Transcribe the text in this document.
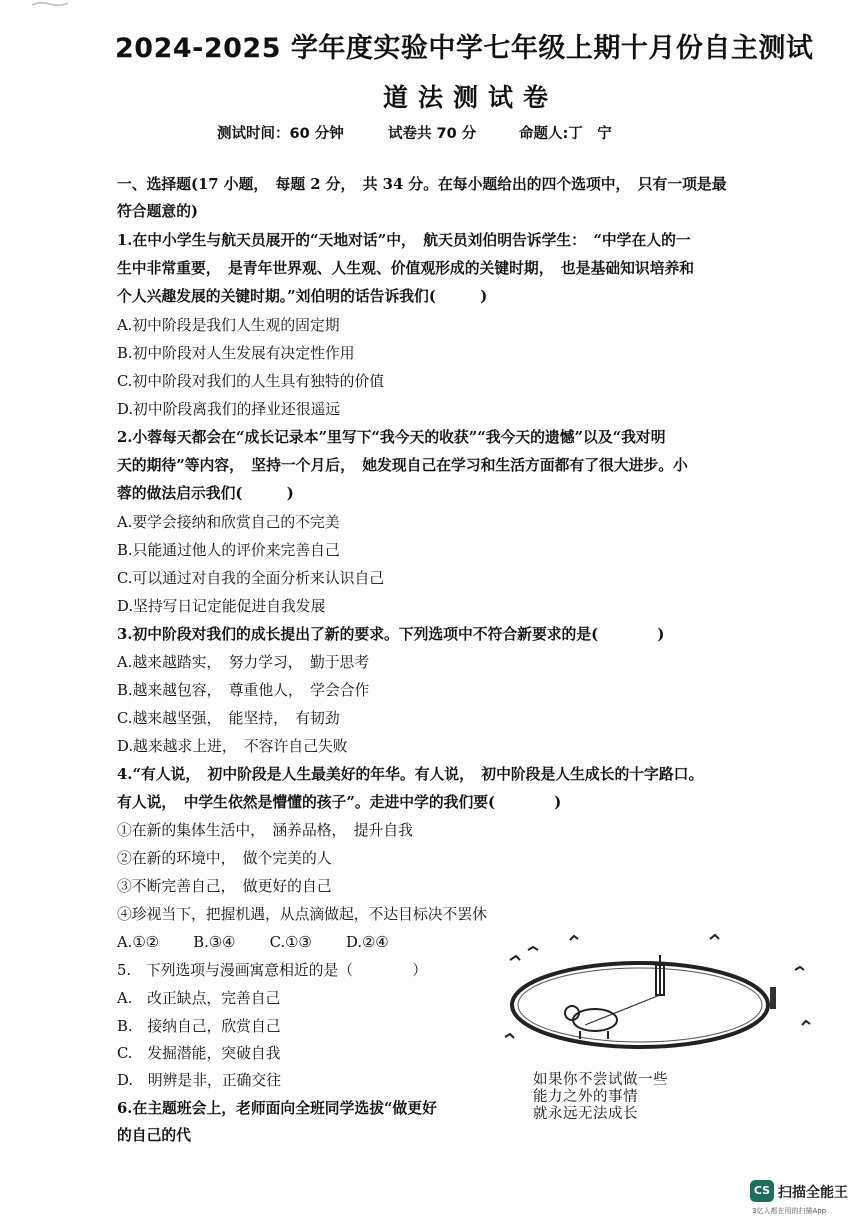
2024-2025 学年度实验中学七年级上期十月份自主测试
道法测试卷
测试时间：60 分钟	试卷共 70 分	命题人:丁　宁
一、选择题(17 小题，　每题 2 分，　共 34 分。在每小题给出的四个选项中，　只有一项是最
符合题意的)
1.在中小学生与航天员展开的“天地对话”中，　航天员刘伯明告诉学生：　“中学在人的一
生中非常重要，　是青年世界观、人生观、价值观形成的关键时期，　也是基础知识培养和
个人兴趣发展的关键时期。”刘伯明的话告诉我们(　　　)
A.初中阶段是我们人生观的固定期
B.初中阶段对人生发展有决定性作用
C.初中阶段对我们的人生具有独特的价值
D.初中阶段离我们的择业还很遥远
2.小蓉每天都会在“成长记录本”里写下“我今天的收获”“我今天的遗憾”以及“我对明
天的期待”等内容，　坚持一个月后，　她发现自己在学习和生活方面都有了很大进步。小
蓉的做法启示我们(　　　)
A.要学会接纳和欣赏自己的不完美
B.只能通过他人的评价来完善自己
C.可以通过对自我的全面分析来认识自己
D.坚持写日记定能促进自我发展
3.初中阶段对我们的成长提出了新的要求。下列选项中不符合新要求的是(　　　　)
A.越来越踏实，　努力学习，　勤于思考
B.越来越包容，　尊重他人，　学会合作
C.越来越坚强，　能坚持，　有韧劲
D.越来越求上进，　不容许自己失败
4.“有人说，　初中阶段是人生最美好的年华。有人说，　初中阶段是人生成长的十字路口。
有人说，　中学生依然是懵懂的孩子”。走进中学的我们要(　　　　)
①在新的集体生活中，　涵养品格，　提升自我
②在新的环境中，　做个完美的人
③不断完善自己，　做更好的自己
④珍视当下，把握机遇，从点滴做起，不达目标决不罢休
A.①②　　 B.③④　　 C.①③　　 D.②④
5.　下列选项与漫画寓意相近的是（　　　　）
A.　改正缺点，完善自己
B.　接纳自己，欣赏自己
C.　发掘潜能，突破自我
D.　明辨是非，正确交往	如果你不尝试做一些
能力之外的事情
就永远无法成长
6.在主题班会上，老师面向全班同学选拔“做更好
的自己的代
CS 扫描全能王
3亿人都在用的扫描App
